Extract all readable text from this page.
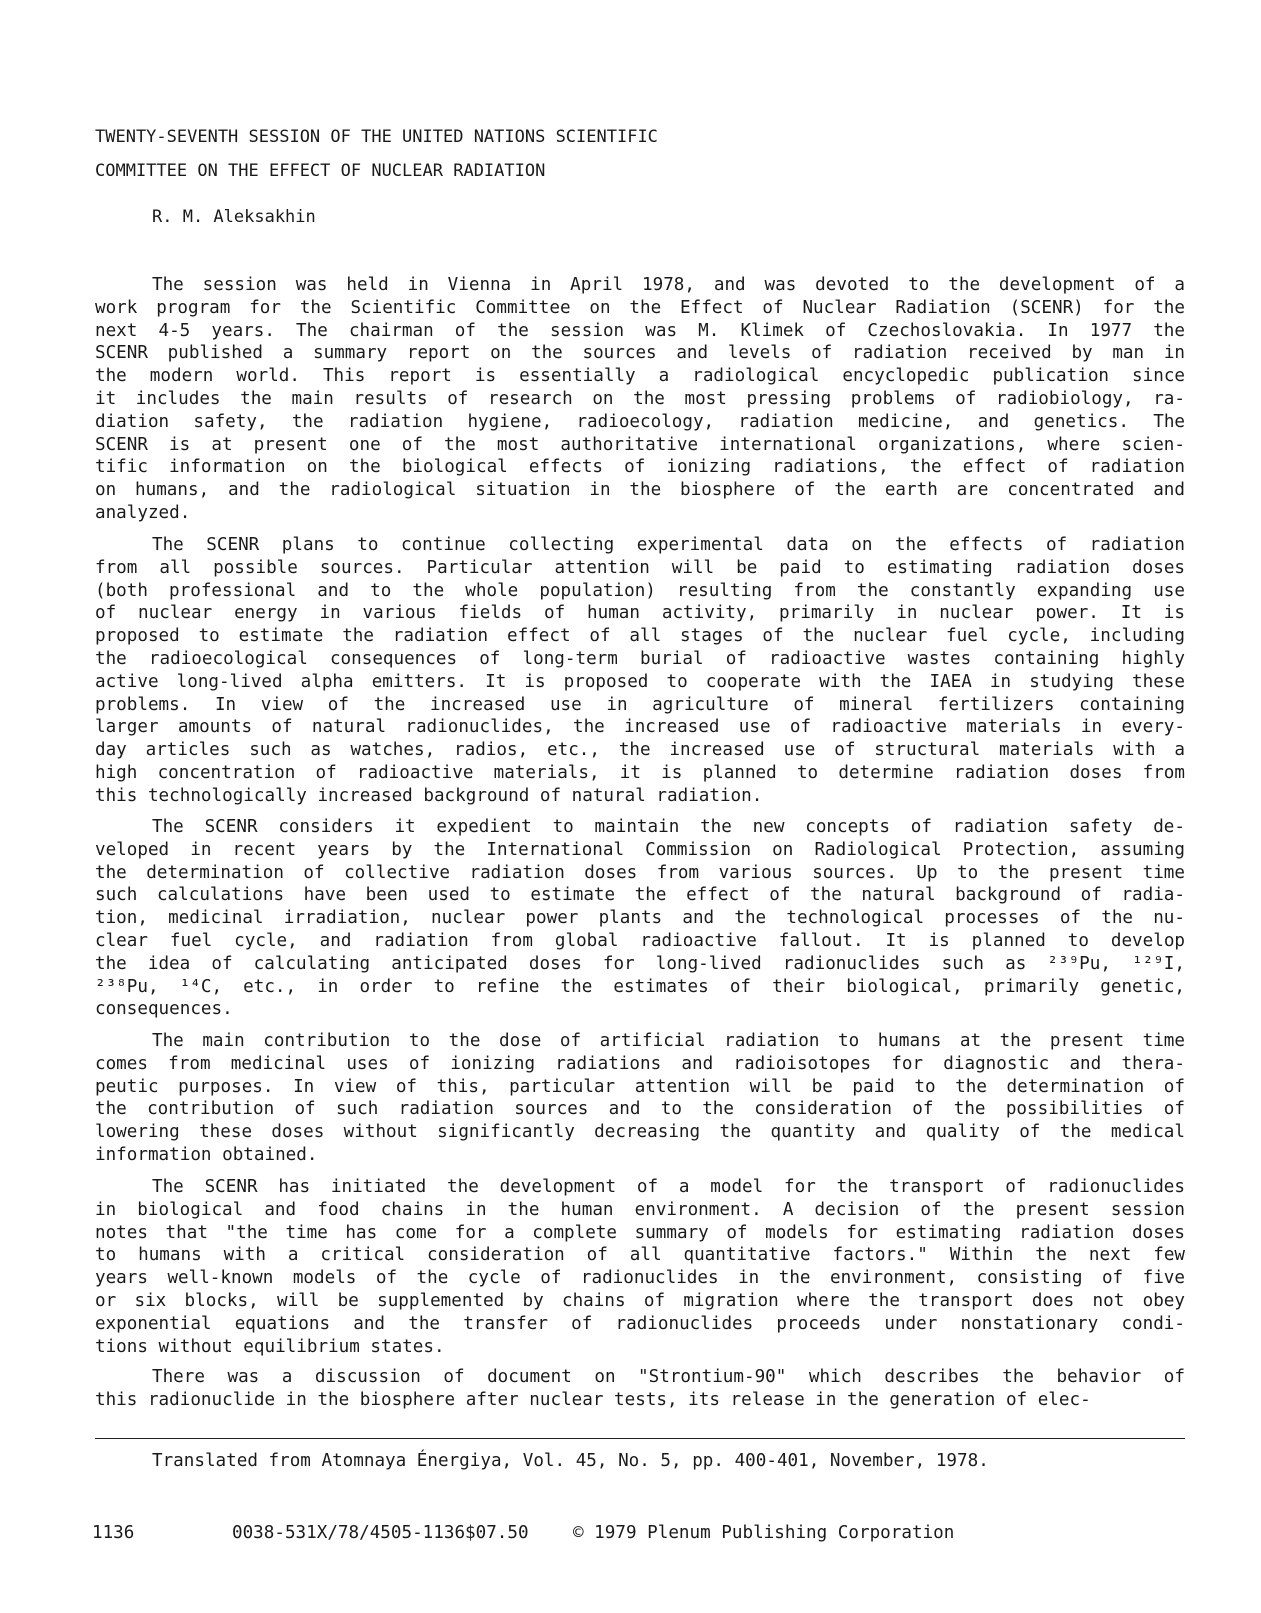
TWENTY-SEVENTH SESSION OF THE UNITED NATIONS SCIENTIFIC
COMMITTEE ON THE EFFECT OF NUCLEAR RADIATION
R. M. Aleksakhin
The session was held in Vienna in April 1978, and was devoted to the development of a
work program for the Scientific Committee on the Effect of Nuclear Radiation (SCENR) for the
next 4-5 years. The chairman of the session was M. Klimek of Czechoslovakia. In 1977 the
SCENR published a summary report on the sources and levels of radiation received by man in
the modern world. This report is essentially a radiological encyclopedic publication since
it includes the main results of research on the most pressing problems of radiobiology, ra-
diation safety, the radiation hygiene, radioecology, radiation medicine, and genetics. The
SCENR is at present one of the most authoritative international organizations, where scien-
tific information on the biological effects of ionizing radiations, the effect of radiation
on humans, and the radiological situation in the biosphere of the earth are concentrated and
analyzed.
The SCENR plans to continue collecting experimental data on the effects of radiation
from all possible sources. Particular attention will be paid to estimating radiation doses
(both professional and to the whole population) resulting from the constantly expanding use
of nuclear energy in various fields of human activity, primarily in nuclear power. It is
proposed to estimate the radiation effect of all stages of the nuclear fuel cycle, including
the radioecological consequences of long-term burial of radioactive wastes containing highly
active long-lived alpha emitters. It is proposed to cooperate with the IAEA in studying these
problems. In view of the increased use in agriculture of mineral fertilizers containing
larger amounts of natural radionuclides, the increased use of radioactive materials in every-
day articles such as watches, radios, etc., the increased use of structural materials with a
high concentration of radioactive materials, it is planned to determine radiation doses from
this technologically increased background of natural radiation.
The SCENR considers it expedient to maintain the new concepts of radiation safety de-
veloped in recent years by the International Commission on Radiological Protection, assuming
the determination of collective radiation doses from various sources. Up to the present time
such calculations have been used to estimate the effect of the natural background of radia-
tion, medicinal irradiation, nuclear power plants and the technological processes of the nu-
clear fuel cycle, and radiation from global radioactive fallout. It is planned to develop
the idea of calculating anticipated doses for long-lived radionuclides such as ²³⁹Pu, ¹²⁹I,
²³⁸Pu, ¹⁴C, etc., in order to refine the estimates of their biological, primarily genetic,
consequences.
The main contribution to the dose of artificial radiation to humans at the present time
comes from medicinal uses of ionizing radiations and radioisotopes for diagnostic and thera-
peutic purposes. In view of this, particular attention will be paid to the determination of
the contribution of such radiation sources and to the consideration of the possibilities of
lowering these doses without significantly decreasing the quantity and quality of the medical
information obtained.
The SCENR has initiated the development of a model for the transport of radionuclides
in biological and food chains in the human environment. A decision of the present session
notes that "the time has come for a complete summary of models for estimating radiation doses
to humans with a critical consideration of all quantitative factors." Within the next few
years well-known models of the cycle of radionuclides in the environment, consisting of five
or six blocks, will be supplemented by chains of migration where the transport does not obey
exponential equations and the transfer of radionuclides proceeds under nonstationary condi-
tions without equilibrium states.
There was a discussion of document on "Strontium-90" which describes the behavior of
this radionuclide in the biosphere after nuclear tests, its release in the generation of elec-
Translated from Atomnaya Énergiya, Vol. 45, No. 5, pp. 400-401, November, 1978.
1136	0038-531X/78/4505-1136$07.50	© 1979 Plenum Publishing Corporation
